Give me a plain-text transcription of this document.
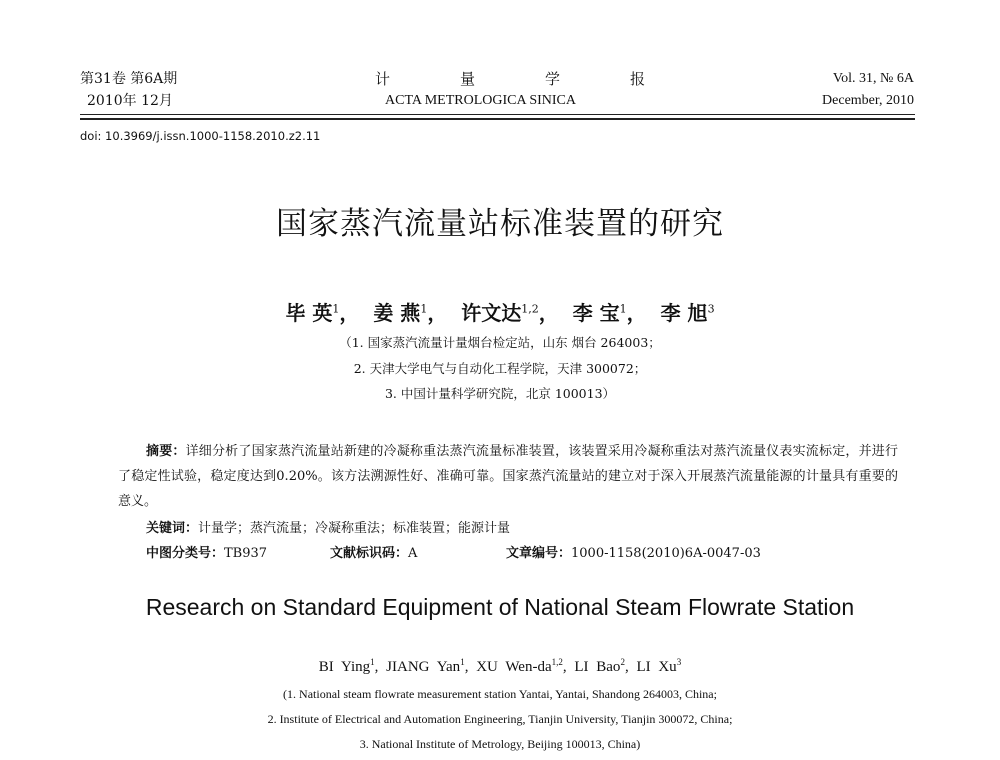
第31卷 第6A期
2010年 12月
计	量	学	报
ACTA METROLOGICA SINICA
Vol. 31, № 6A
December, 2010
doi: 10.3969/j.issn.1000-1158.2010.z2.11
国家蒸汽流量站标准装置的研究
毕 英$^1$，  姜 燕$^1$，  许文达$^{1,2}$，  李 宝$^1$，  李 旭$^3$
（1. 国家蒸汽流量计量烟台检定站，山东 烟台 264003；
2. 天津大学电气与自动化工程学院，天津 300072；
3. 中国计量科学研究院，北京 100013）
摘要：详细分析了国家蒸汽流量站新建的冷凝称重法蒸汽流量标准装置，该装置采用冷凝称重法对蒸汽流量仪表实流标定，并进行了稳定性试验，稳定度达到0.20%。该方法溯源性好、准确可靠。国家蒸汽流量站的建立对于深入开展蒸汽流量能源的计量具有重要的意义。
关键词：计量学；蒸汽流量；冷凝称重法；标准装置；能源计量
中图分类号：TB937	文献标识码：A	文章编号：1000-1158(2010)6A-0047-03
Research on Standard Equipment of National Steam Flowrate Station
BI Ying$^1$, JIANG Yan$^1$, XU Wen-da$^{1,2}$, LI Bao$^2$, LI Xu$^3$
(1. National steam flowrate measurement station Yantai, Yantai, Shandong 264003, China;
2. Institute of Electrical and Automation Engineering, Tianjin University, Tianjin 300072, China;
3. National Institute of Metrology, Beijing 100013, China)
